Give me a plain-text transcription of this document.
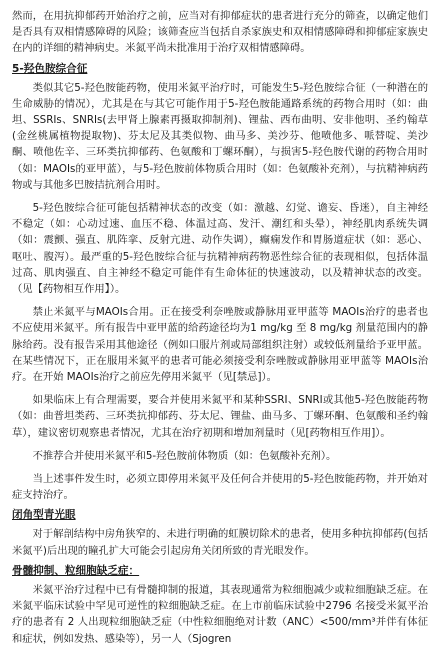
然而，在用抗抑郁药开始治疗之前，应当对有抑郁症状的患者进行充分的筛查，以确定他们是否具有双相情感障碍的风险；该筛查应当包括自杀家族史和双相情感障碍和抑郁症家族史在内的详细的精神病史。米氮平尚未批准用于治疗双相情感障碍。

5-羟色胺综合征

类似其它5-羟色胺能药物，使用米氮平治疗时，可能发生5-羟色胺综合征（一种潜在的生命威胁的情况），尤其是在与其它可能作用于5-羟色胺能通路系统的药物合用时（如：曲坦、SSRIs、SNRIs(去甲肾上腺素再摄取抑制剂)、锂盐、西布曲明、安非他明、圣约翰草(金丝桃属植物提取物)、芬太尼及其类似物、曲马多、美沙芬、他喷他多、哌替啶、美沙酮、喷他佐辛、三环类抗抑郁药、色氨酸和丁螺环酮），与损害5-羟色胺代谢的药物合用时（如：MAOIs的亚甲蓝），与5-羟色胺前体物质合用时（如：色氨酸补充剂），与抗精神病药物或与其他多巴胺拮抗剂合用时。

5-羟色胺综合征可能包括精神状态的改变（如：激越、幻觉、谵妄、昏迷），自主神经不稳定（如：心动过速、血压不稳、体温过高、发汗、潮红和头晕），神经肌肉系统失调（如：震颤、强直、肌阵挛、反射亢进、动作失调），癫痫发作和胃肠道症状（如：恶心、呕吐、腹泻）。最严重的5-羟色胺综合征与抗精神病药物恶性综合征的表现相似，包括体温过高、肌肉强直、自主神经不稳定可能伴有生命体征的快速波动，以及精神状态的改变。（见【药物相互作用】）。

禁止米氮平与MAOIs合用。正在接受利奈唑胺或静脉用亚甲蓝等 MAOIs治疗的患者也不应使用米氮平。所有报告中亚甲蓝的给药途径均为1 mg/kg 至 8 mg/kg 剂量范围内的静脉给药。没有报告采用其他途径（例如口服片剂或局部组织注射）或较低剂量给予亚甲蓝。在某些情况下，正在服用米氮平的患者可能必须接受利奈唑胺或静脉用亚甲蓝等 MAOIs治疗。在开始 MAOIs治疗之前应先停用米氮平（见[禁忌]）。

如果临床上有合理需要，要合并使用米氮平和某种SSRI、SNRI或其他5-羟色胺能药物（如：曲普坦类药、三环类抗抑郁药、芬太尼、锂盐、曲马多、丁螺环酮、色氨酸和圣约翰草），建议密切观察患者情况，尤其在治疗初期和增加剂量时（见[药物相互作用]）。

不推荐合并使用米氮平和5-羟色胺前体物质（如：色氨酸补充剂）。

当上述事件发生时，必须立即停用米氮平及任何合并使用的5-羟色胺能药物，并开始对症支持治疗。

闭角型青光眼

对于解剖结构中房角狭窄的、未进行明确的虹膜切除术的患者，使用多种抗抑郁药(包括米氮平)后出现的瞳孔扩大可能会引起房角关闭所致的青光眼发作。

骨髓抑制、粒细胞缺乏症：

米氮平治疗过程中已有骨髓抑制的报道，其表现通常为粒细胞减少或粒细胞缺乏症。在米氮平临床试验中罕见可逆性的粒细胞缺乏症。在上市前临床试验中2796 名接受米氮平治疗的患者有 2 人出现粒细胞缺乏症（中性粒细胞绝对计数（ANC）<500/mm³并伴有体征和症状，例如发热、感染等），另一人（Sjogren
